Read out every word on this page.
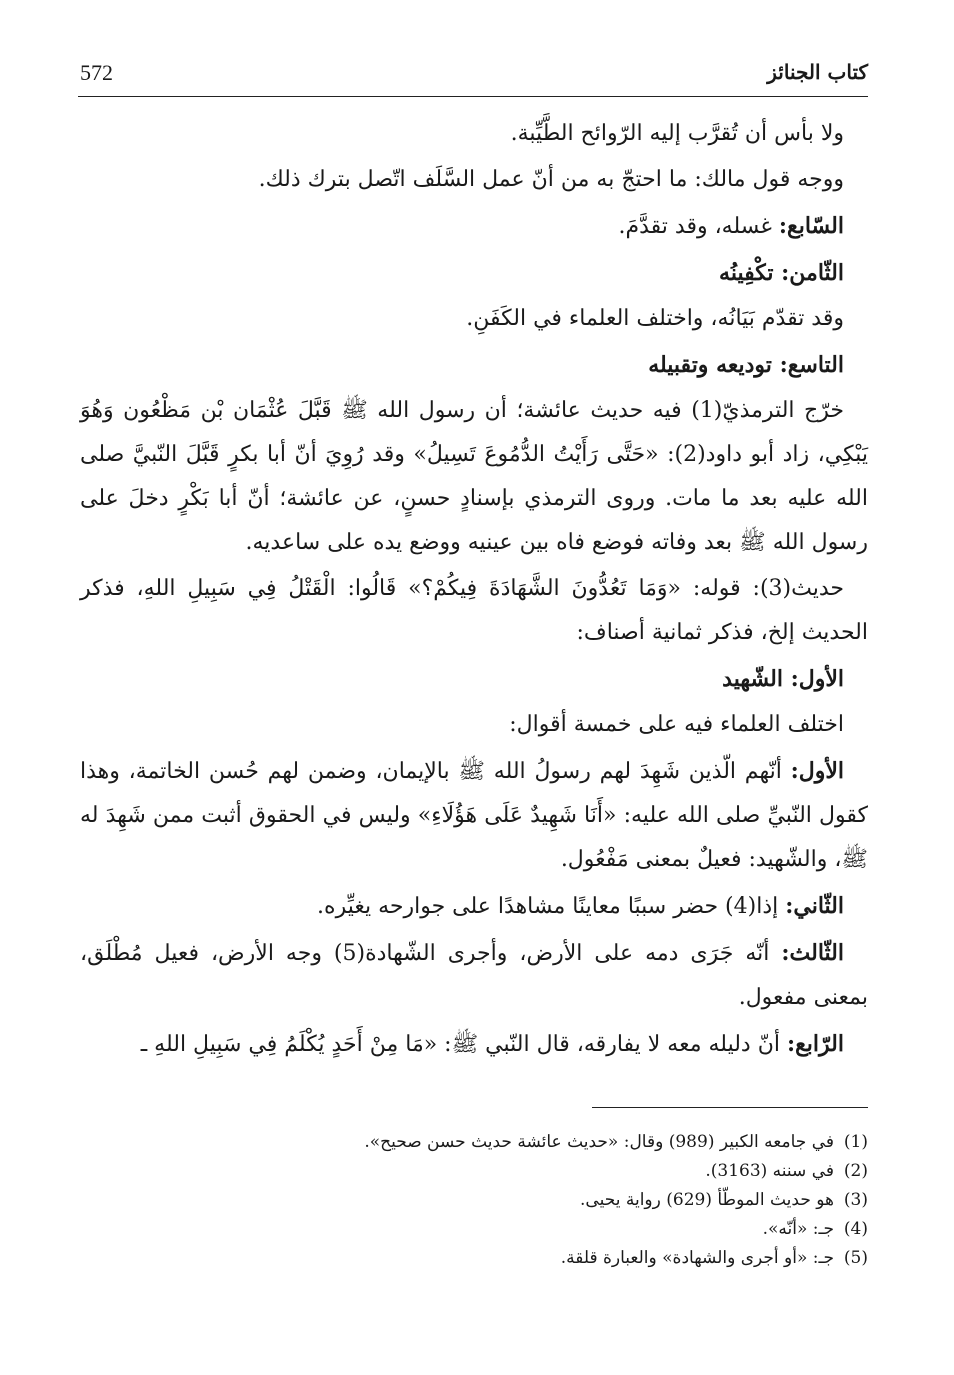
572	كتاب الجنائز

ولا بأس أن تُقرَّب إليه الرّوائح الطَّيِّبة.

ووجه قول مالك: ما احتجّ به من أنّ عمل السَّلَف اتّصل بترك ذلك.

السّابع: غسله، وقد تقدَّمَ.

الثّامن: تكْفِينُه

وقد تقدّم بَيَانُه، واختلف العلماء في الكَفَنِ.

التاسع: توديعه وتقبيله

خرّج الترمذيّ(1) فيه حديث عائشة؛ أن رسول الله ﷺ قَبَّلَ عُثْمَان بْن مَظْعُون وَهُوَ يَبْكِي، زاد أبو داود(2): «حَتَّى رَأَيْتُ الدُّمُوعَ تَسِيلُ» وقد رُوِيَ أنّ أبا بكرٍ قَبَّلَ النّبيَّ صلى الله عليه بعد ما مات. وروى الترمذي بإسنادٍ حسنٍ، عن عائشة؛ أنّ أبا بَكْرٍ دخلَ على رسول الله ﷺ بعد وفاته فوضع فاه بين عينيه ووضع يده على ساعديه.

حديث(3): قوله: «وَمَا تَعُدُّونَ الشَّهَادَةَ فِيكُمْ؟» قَالُوا: الْقَتْلُ فِي سَبِيلِ اللهِ، فذكر الحديث إلخ، فذكر ثمانية أصناف:

الأول: الشّهيد

اختلف العلماء فيه على خمسة أقوال:

الأول: أنّهم الّذين شَهِدَ لهم رسولُ الله ﷺ بالإيمان، وضمن لهم حُسن الخاتمة، وهذا كقول النّبيِّ صلى الله عليه: «أَنَا شَهِيدٌ عَلَى هَؤُلَاءِ» وليس في الحقوق أثبت ممن شَهِدَ له ﷺ، والشّهيد: فعيلٌ بمعنى مَفْعُول.

الثّاني: إذا(4) حضر سببًا معاينًا مشاهدًا على جوارحه يغيِّره.

الثّالث: أنّه جَرَى دمه على الأرض، وأجرى الشّهادة(5) وجه الأرض، فعيل مُطْلَق، بمعنى مفعول.

الرّابع: أنّ دليله معه لا يفارقه، قال النّبي ﷺ: «مَا مِنْ أَحَدٍ يُكْلَمُ فِي سَبِيلِ اللهِ ـ

(1)في جامعه الكبير (989) وقال: «حديث عائشة حديث حسن صحيح».
(2)في سننه (3163).
(3)هو حديث الموطّأ (629) رواية يحيى.
(4)جـ: «أنّه».
(5)جـ: «أو أجرى والشهادة» والعبارة قلقة.
